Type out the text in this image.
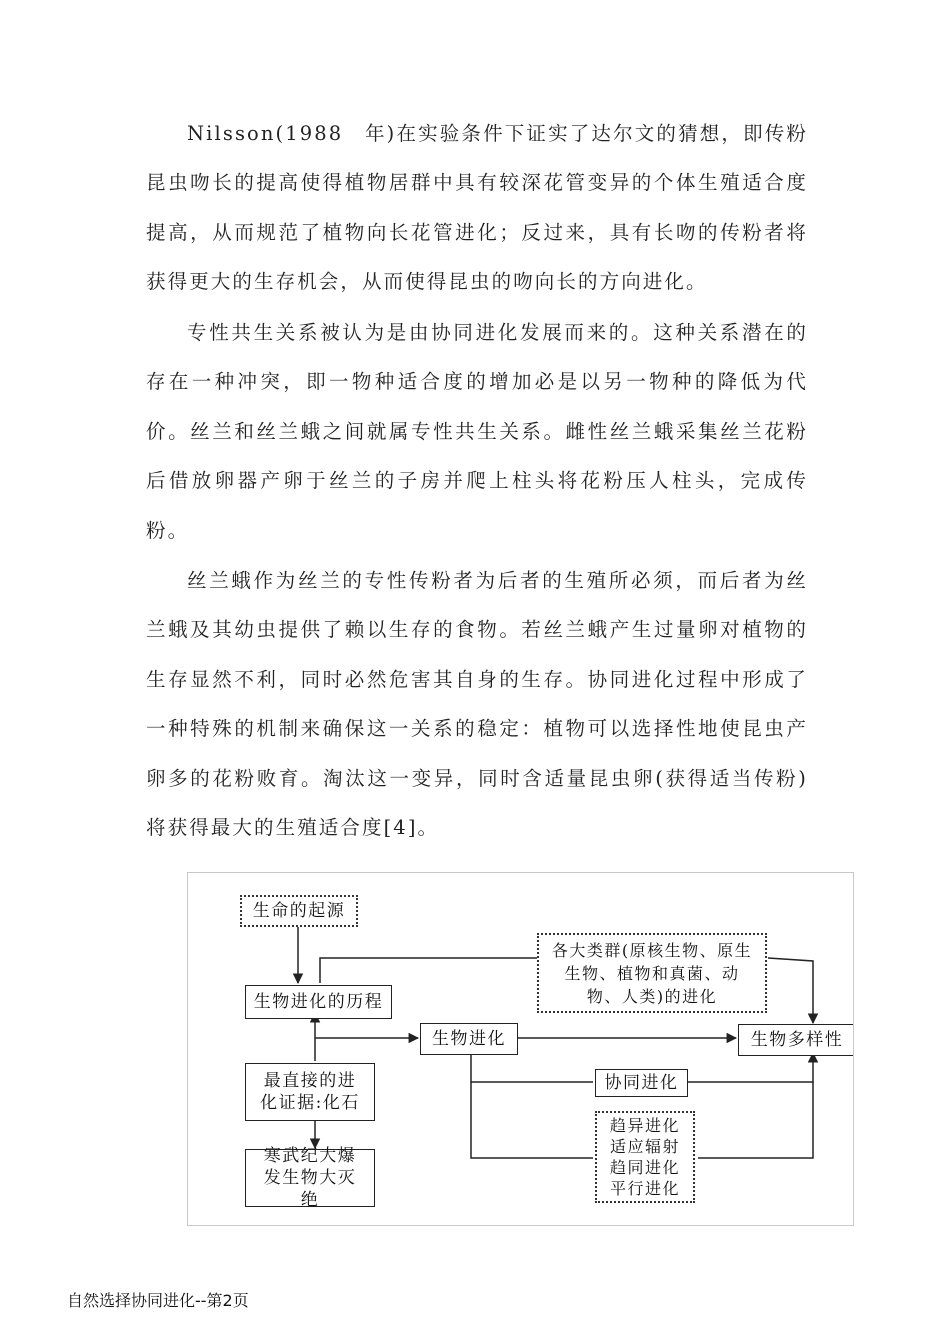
Nilsson(1988　年)在实验条件下证实了达尔文的猜想，即传粉昆虫吻长的提高使得植物居群中具有较深花管变异的个体生殖适合度提高，从而规范了植物向长花管进化；反过来，具有长吻的传粉者将获得更大的生存机会，从而使得昆虫的吻向长的方向进化。

专性共生关系被认为是由协同进化发展而来的。这种关系潜在的存在一种冲突，即一物种适合度的增加必是以另一物种的降低为代价。丝兰和丝兰蛾之间就属专性共生关系。雌性丝兰蛾采集丝兰花粉后借放卵器产卵于丝兰的子房并爬上柱头将花粉压人柱头，完成传粉。

丝兰蛾作为丝兰的专性传粉者为后者的生殖所必须，而后者为丝兰蛾及其幼虫提供了赖以生存的食物。若丝兰蛾产生过量卵对植物的生存显然不利，同时必然危害其自身的生存。协同进化过程中形成了一种特殊的机制来确保这一关系的稳定：植物可以选择性地使昆虫产卵多的花粉败育。淘汰这一变异，同时含适量昆虫卵(获得适当传粉)将获得最大的生殖适合度[4]。

生命的起源
生物进化的历程
各大类群(原核生物、原生生物、植物和真菌、动物、人类)的进化
生物进化	生物多样性
最直接的进化证据:化石
寒武纪大爆发生物大灭绝
协同进化
趋异进化适应辐射趋同进化平行进化
自然选择协同进化--第2页
